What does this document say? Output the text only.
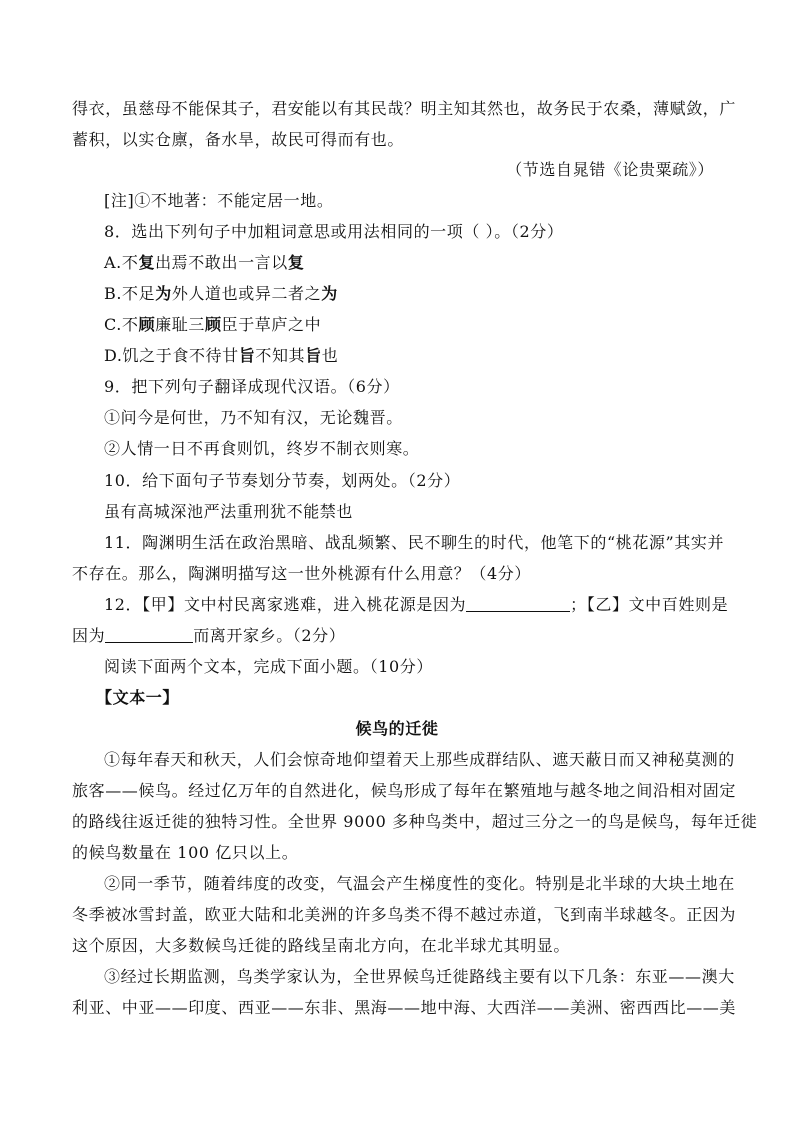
得衣，虽慈母不能保其子，君安能以有其民哉？明主知其然也，故务民于农桑，薄赋敛，广
蓄积，以实仓廪，备水旱，故民可得而有也。
（节选自晁错《论贵粟疏》）
[注]①不地著：不能定居一地。
8．选出下列句子中加粗词意思或用法相同的一项（ ）。（2分）
A.不复出焉不敢出一言以复
B.不足为外人道也或异二者之为
C.不顾廉耻三顾臣于草庐之中
D.饥之于食不待甘旨不知其旨也
9．把下列句子翻译成现代汉语。（6分）
①问今是何世，乃不知有汉，无论魏晋。
②人情一日不再食则饥，终岁不制衣则寒。
10．给下面句子节奏划分节奏，划两处。（2分）
虽有高城深池严法重刑犹不能禁也
11．陶渊明生活在政治黑暗、战乱频繁、民不聊生的时代，他笔下的“桃花源”其实并
不存在。那么，陶渊明描写这一世外桃源有什么用意？（4分）
12．【甲】文中村民离家逃难，进入桃花源是因为	；【乙】文中百姓则是
因为	而离开家乡。（2分）
阅读下面两个文本，完成下面小题。（10分）
【文本一】
候鸟的迁徙
①每年春天和秋天，人们会惊奇地仰望着天上那些成群结队、遮天蔽日而又神秘莫测的
旅客——候鸟。经过亿万年的自然进化，候鸟形成了每年在繁殖地与越冬地之间沿相对固定
的路线往返迁徙的独特习性。全世界 9000 多种鸟类中，超过三分之一的鸟是候鸟，每年迁徙
的候鸟数量在 100 亿只以上。
②同一季节，随着纬度的改变，气温会产生梯度性的变化。特别是北半球的大块土地在
冬季被冰雪封盖，欧亚大陆和北美洲的许多鸟类不得不越过赤道，飞到南半球越冬。正因为
这个原因，大多数候鸟迁徙的路线呈南北方向，在北半球尤其明显。
③经过长期监测，鸟类学家认为，全世界候鸟迁徙路线主要有以下几条：东亚——澳大
利亚、中亚——印度、西亚——东非、黑海——地中海、大西洋——美洲、密西西比——美
